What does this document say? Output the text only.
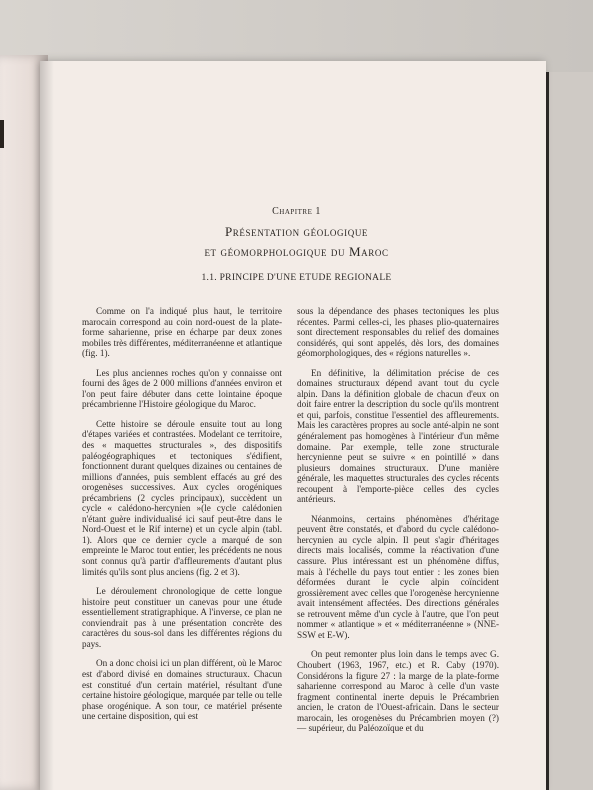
Chapitre 1
Présentation géologique
et géomorphologique du Maroc
1.1. PRINCIPE D'UNE ETUDE REGIONALE

Comme on l'a indiqué plus haut, le territoire marocain correspond au coin nord-ouest de la plate-forme saharienne, prise en écharpe par deux zones mobiles très différentes, méditerranéenne et atlantique (fig. 1).

Les plus anciennes roches qu'on y connaisse ont fourni des âges de 2 000 millions d'années environ et l'on peut faire débuter dans cette lointaine époque précambrienne l'Histoire géologique du Maroc.

Cette histoire se déroule ensuite tout au long d'étapes variées et contrastées. Modelant ce territoire, des « maquettes structurales », des dispositifs paléogéographiques et tectoniques s'édifient, fonctionnent durant quelques dizaines ou centaines de millions d'années, puis semblent effacés au gré des orogenèses successives. Aux cycles orogéniques précambriens (2 cycles principaux), succèdent un cycle « calédono-hercynien »(le cycle calédonien n'étant guère individualisé ici sauf peut-être dans le Nord-Ouest et le Rif interne) et un cycle alpin (tabl. 1). Alors que ce dernier cycle a marqué de son empreinte le Maroc tout entier, les précédents ne nous sont connus qu'à partir d'affleurements d'autant plus limités qu'ils sont plus anciens (fig. 2 et 3).

Le déroulement chronologique de cette longue histoire peut constituer un canevas pour une étude essentiellement stratigraphique. A l'inverse, ce plan ne conviendrait pas à une présentation concrète des caractères du sous-sol dans les différentes régions du pays.

On a donc choisi ici un plan différent, où le Maroc est d'abord divisé en domaines structuraux. Chacun est constitué d'un certain matériel, résultant d'une certaine histoire géologique, marquée par telle ou telle phase orogénique. A son tour, ce matériel présente une certaine disposition, qui est

sous la dépendance des phases tectoniques les plus récentes. Parmi celles-ci, les phases plio-quaternaires sont directement responsables du relief des domaines considérés, qui sont appelés, dès lors, des domaines géomorphologiques, des « régions naturelles ».

En définitive, la délimitation précise de ces domaines structuraux dépend avant tout du cycle alpin. Dans la définition globale de chacun d'eux on doit faire entrer la description du socle qu'ils montrent et qui, parfois, constitue l'essentiel des affleurements. Mais les caractères propres au socle anté-alpin ne sont généralement pas homogènes à l'intérieur d'un même domaine. Par exemple, telle zone structurale hercynienne peut se suivre « en pointillé » dans plusieurs domaines structuraux. D'une manière générale, les maquettes structurales des cycles récents recoupent à l'emporte-pièce celles des cycles antérieurs.

Néanmoins, certains phénomènes d'héritage peuvent être constatés, et d'abord du cycle calédono-hercynien au cycle alpin. Il peut s'agir d'héritages directs mais localisés, comme la réactivation d'une cassure. Plus intéressant est un phénomène diffus, mais à l'échelle du pays tout entier : les zones bien déformées durant le cycle alpin coïncident grossièrement avec celles que l'orogenèse hercynienne avait intensément affectées. Des directions générales se retrouvent même d'un cycle à l'autre, que l'on peut nommer « atlantique » et « méditerranéenne » (NNE-SSW et E-W).

On peut remonter plus loin dans le temps avec G. Choubert (1963, 1967, etc.) et R. Caby (1970). Considérons la figure 27 : la marge de la plate-forme saharienne correspond au Maroc à celle d'un vaste fragment continental inerte depuis le Précambrien ancien, le craton de l'Ouest-africain. Dans le secteur marocain, les orogenèses du Précambrien moyen (?) — supérieur, du Paléozoïque et du
